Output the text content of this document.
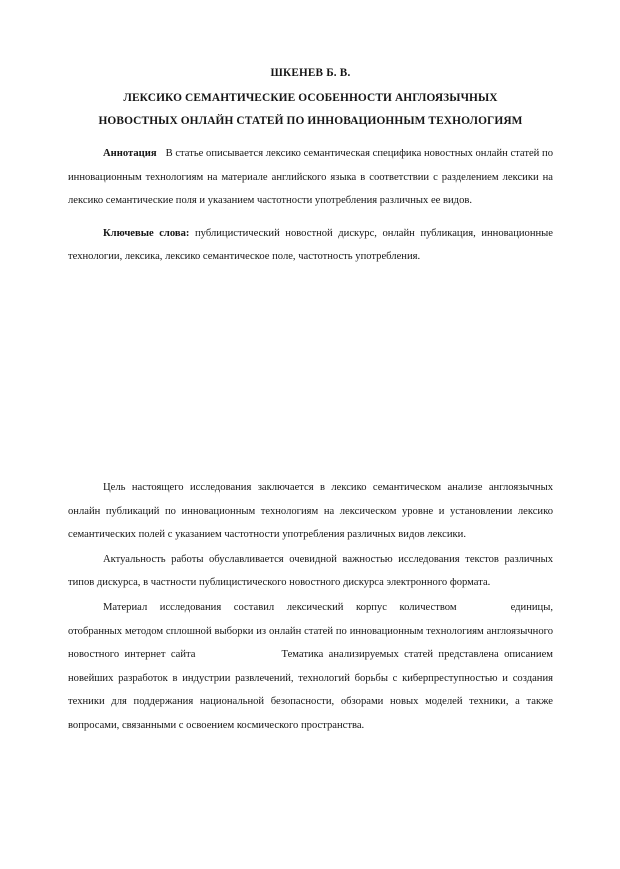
ШКЕНЕВ Б. В.
ЛЕКСИКО СЕМАНТИЧЕСКИЕ ОСОБЕННОСТИ АНГЛОЯЗЫЧНЫХ
НОВОСТНЫХ ОНЛАЙН СТАТЕЙ ПО ИННОВАЦИОННЫМ ТЕХНОЛОГИЯМ

Аннотация В статье описывается лексико семантическая специфика новостных онлайн статей по инновационным технологиям на материале английского языка в соответствии с разделением лексики на лексико семантические поля и указанием частотности употребления различных ее видов.

Ключевые слова: публицистический новостной дискурс, онлайн публикация, инновационные технологии, лексика, лексико семантическое поле, частотность употребления.

Цель настоящего исследования заключается в лексико семантическом анализе англоязычных онлайн публикаций по инновационным технологиям на лексическом уровне и установлении лексико семантических полей с указанием частотности употребления различных видов лексики.

Актуальность работы обуславливается очевидной важностью исследования текстов различных типов дискурса, в частности публицистического новостного дискурса электронного формата.

Материал исследования составил лексический корпус количеством	единицы, отобранных методом сплошной выборки из онлайн статей по инновационным технологиям англоязычного новостного интернет сайта	Тематика анализируемых статей представлена описанием новейших разработок в индустрии развлечений, технологий борьбы с киберпреступностью и создания техники для поддержания национальной безопасности, обзорами новых моделей техники, а также вопросами, связанными с освоением космического пространства.
